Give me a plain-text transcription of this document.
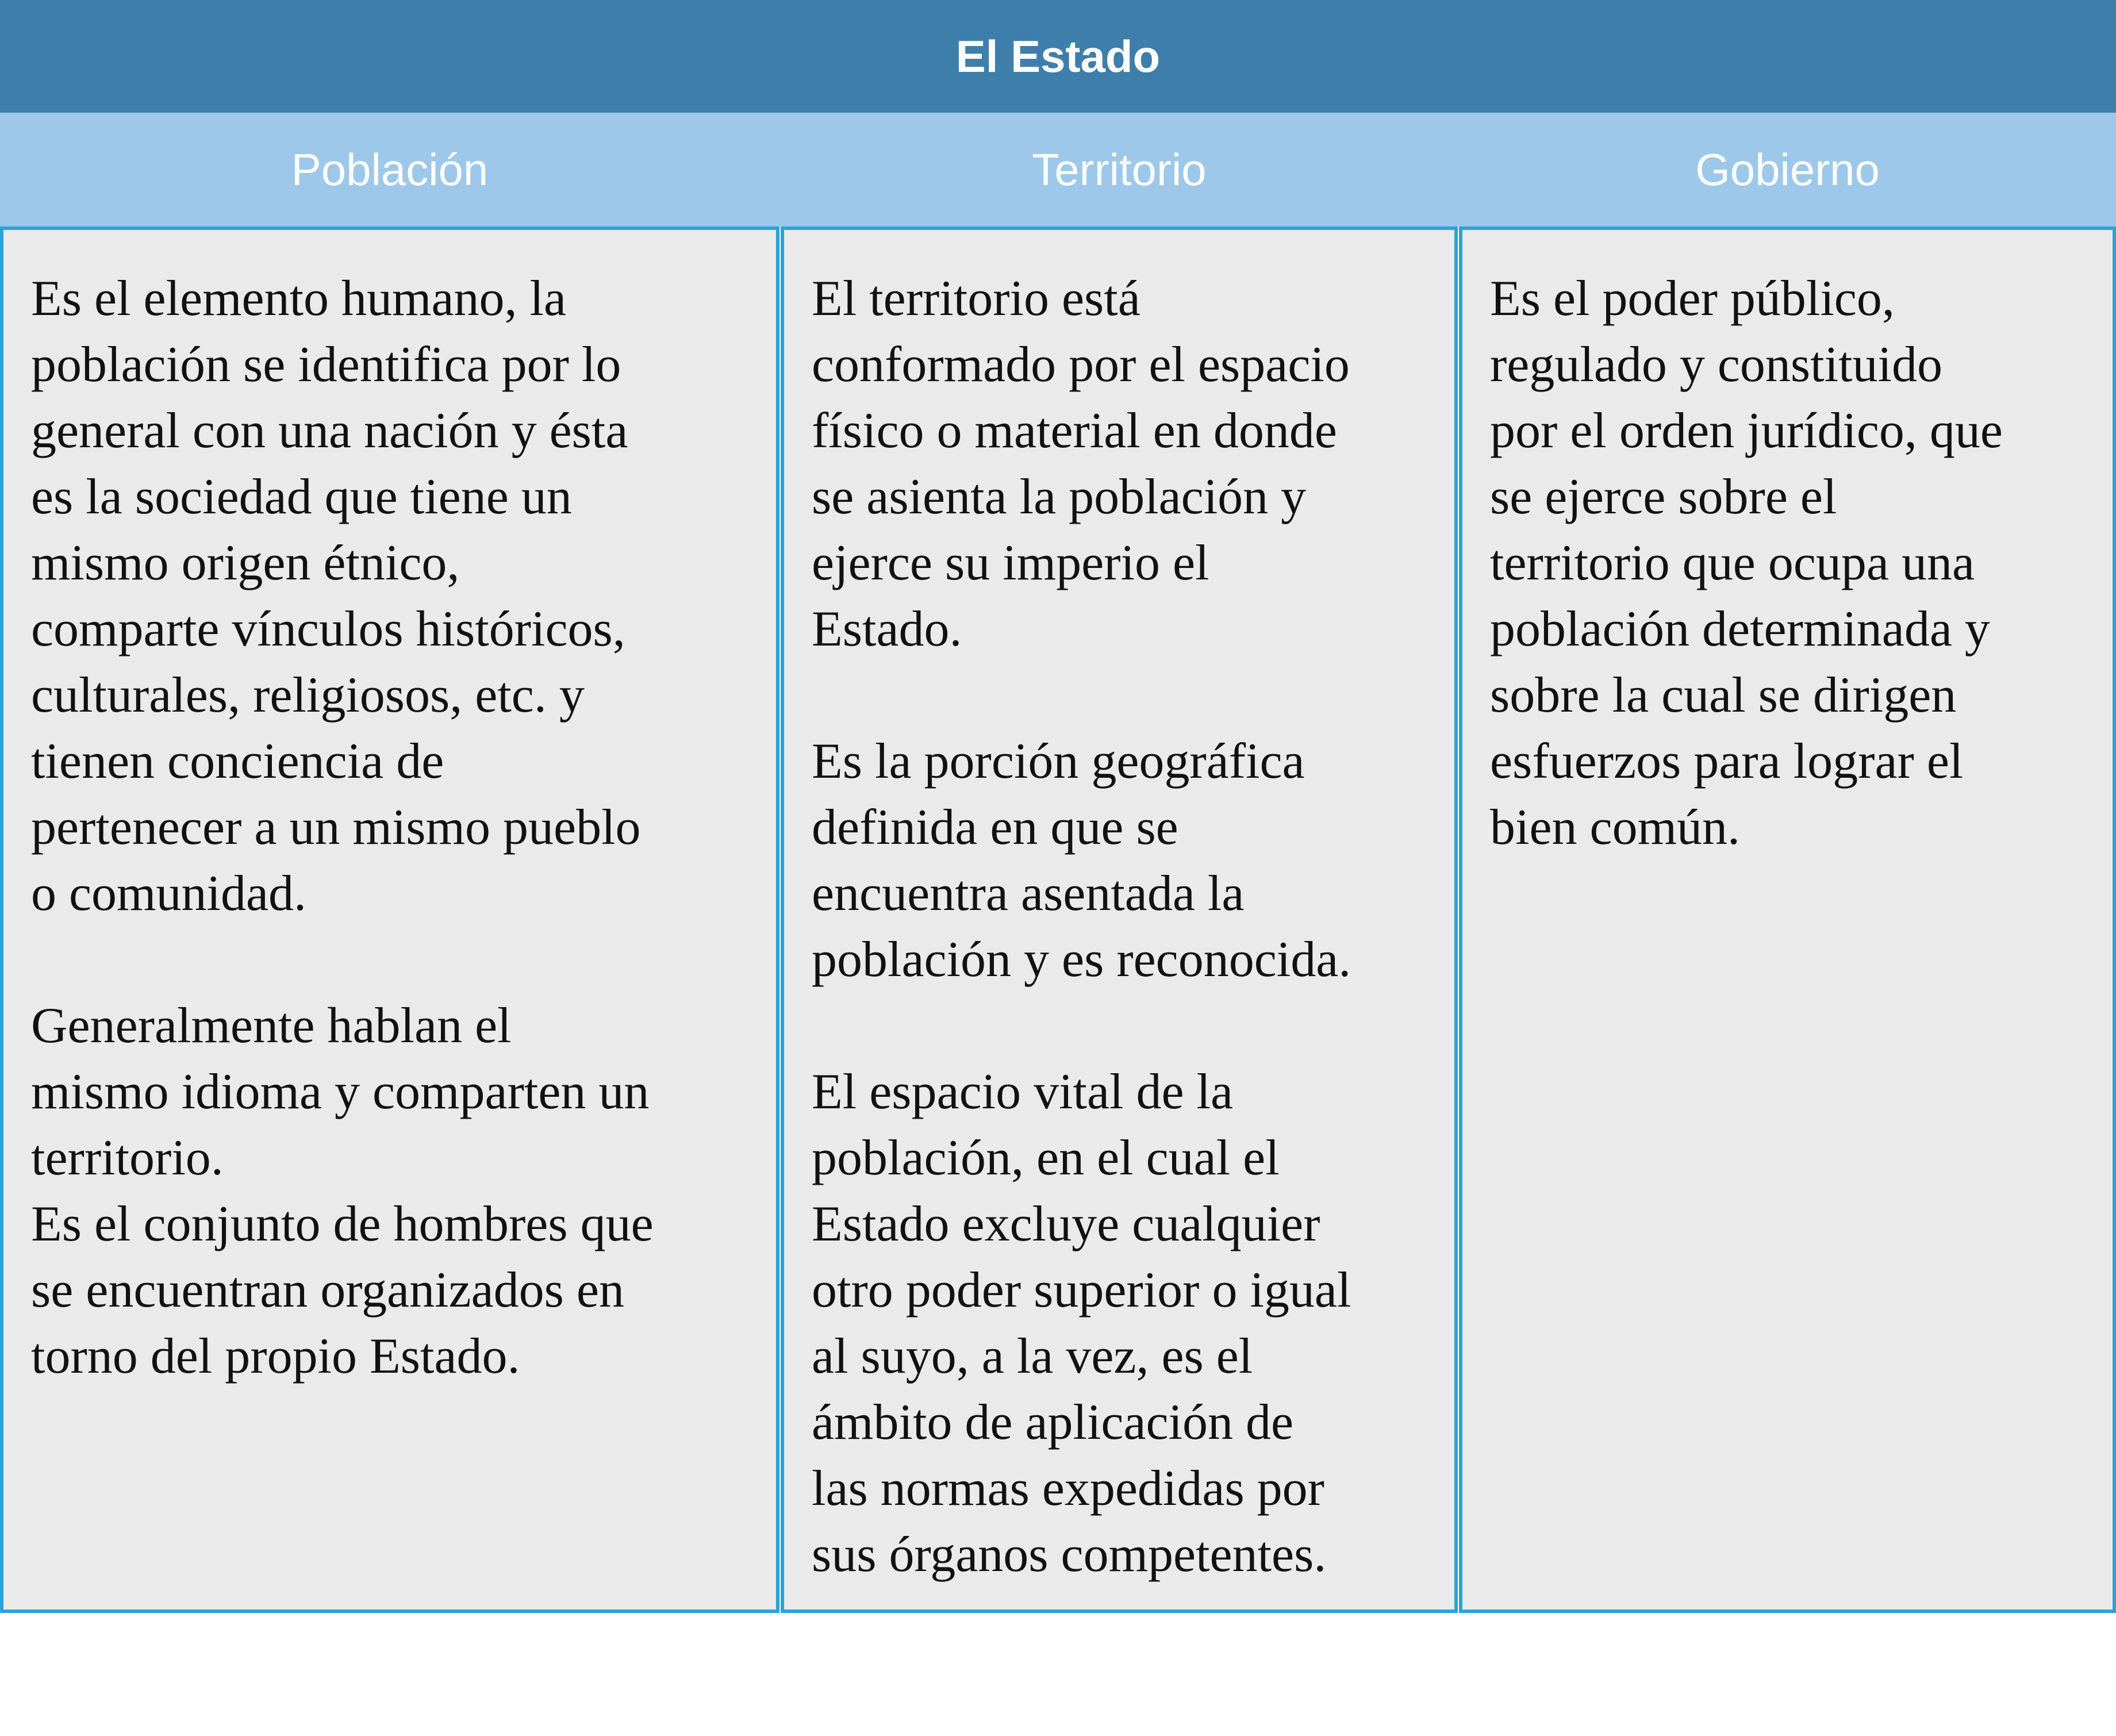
El Estado
Población	Territorio	Gobierno

Es el elemento humano, la
población se identifica por lo
general con una nación y ésta
es la sociedad que tiene un
mismo origen étnico,
comparte vínculos históricos,
culturales, religiosos, etc. y
tienen conciencia de
pertenecer a un mismo pueblo
o comunidad.

Generalmente hablan el
mismo idioma y comparten un
territorio.

Es el conjunto de hombres que
se encuentran organizados en
torno del propio Estado.

El territorio está
conformado por el espacio
físico o material en donde
se asienta la población y
ejerce su imperio el
Estado.

Es la porción geográfica
definida en que se
encuentra asentada la
población y es reconocida.

El espacio vital de la
población, en el cual el
Estado excluye cualquier
otro poder superior o igual
al suyo, a la vez, es el
ámbito de aplicación de
las normas expedidas por
sus órganos competentes.

Es el poder público,
regulado y constituido
por el orden jurídico, que
se ejerce sobre el
territorio que ocupa una
población determinada y
sobre la cual se dirigen
esfuerzos para lograr el
bien común.
